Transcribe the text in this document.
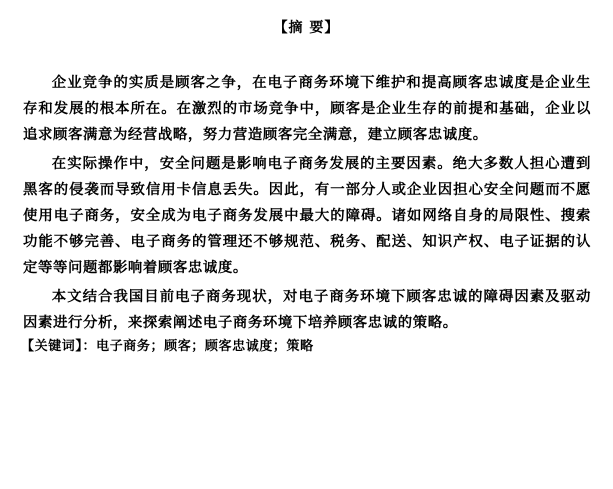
【摘 要】

企业竞争的实质是顾客之争，在电子商务环境下维护和提高顾客忠诚度是企业生存和发展的根本所在。在激烈的市场竞争中，顾客是企业生存的前提和基础，企业以追求顾客满意为经营战略，努力营造顾客完全满意，建立顾客忠诚度。

在实际操作中，安全问题是影响电子商务发展的主要因素。绝大多数人担心遭到黑客的侵袭而导致信用卡信息丢失。因此，有一部分人或企业因担心安全问题而不愿使用电子商务，安全成为电子商务发展中最大的障碍。诸如网络自身的局限性、搜索功能不够完善、电子商务的管理还不够规范、税务、配送、知识产权、电子证据的认定等等问题都影响着顾客忠诚度。

本文结合我国目前电子商务现状，对电子商务环境下顾客忠诚的障碍因素及驱动因素进行分析，来探索阐述电子商务环境下培养顾客忠诚的策略。

【关键词】：电子商务；顾客；顾客忠诚度；策略
